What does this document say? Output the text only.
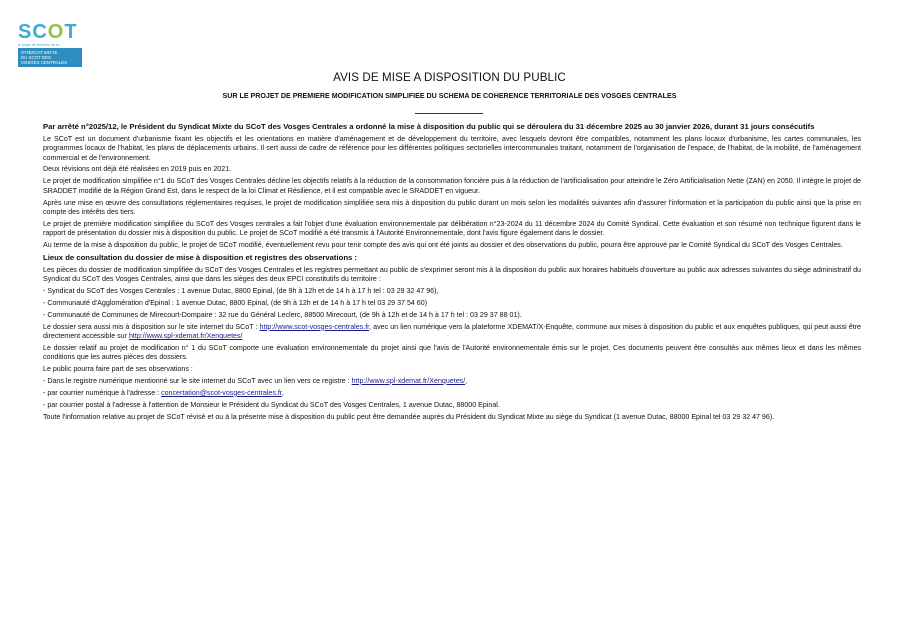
SCOT
le projet de territoire de la...
SYNDICAT MIXTE
DU SCOT DES
VOSGES CENTRALES
AVIS DE MISE A DISPOSITION DU PUBLIC
SUR LE PROJET DE PREMIERE MODIFICATION SIMPLIFIEE DU SCHEMA DE COHERENCE TERRITORIALE DES VOSGES CENTRALES

Par arrêté n°2025/12, le Président du Syndicat Mixte du SCoT des Vosges Centrales a ordonné la mise à disposition du public qui se déroulera du 31 décembre 2025 au 30 janvier 2026, durant 31 jours consécutifs

Le SCoT est un document d'urbanisme fixant les objectifs et les orientations en matière d'aménagement et de développement du territoire, avec lesquels devront être compatibles, notamment les plans locaux d'urbanisme, les cartes communales, les programmes locaux de l'habitat, les plans de déplacements urbains. Il sert aussi de cadre de référence pour les différentes politiques sectorielles intercommunales traitant, notamment de l'organisation de l'espace, de l'habitat, de la mobilité, de l'aménagement commercial et de l'environnement.

Deux révisions ont déjà été réalisées en 2019 puis en 2021.

Le projet de modification simplifiée n°1 du SCoT des Vosges Centrales décline les objectifs relatifs à la réduction de la consommation foncière puis à la réduction de l'artificialisation pour atteindre le Zéro Artificialisation Nette (ZAN) en 2050. Il intègre le projet de SRADDET modifié de la Région Grand Est, dans le respect de la loi Climat et Résilience, et il est compatible avec le SRADDET en vigueur.

Après une mise en œuvre des consultations réglementaires requises, le projet de modification simplifiée sera mis à disposition du public durant un mois selon les modalités suivantes afin d'assurer l'information et la participation du public ainsi que la prise en compte des intérêts des tiers.

Le projet de première modification simplifiée du SCoT des Vosges centrales a fait l'objet d'une évaluation environnementale par délibération n°23-2024 du 11 décembre 2024 du Comité Syndical. Cette évaluation et son résumé non technique figurent dans le rapport de présentation du dossier mis à disposition du public. Le projet de SCoT modifié a été transmis à l'Autorité Environnementale, dont l'avis figure également dans le dossier.

Au terme de la mise à disposition du public, le projet de SCoT modifié, éventuellement revu pour tenir compte des avis qui ont été joints au dossier et des observations du public, pourra être approuvé par le Comité Syndical du SCoT des Vosges Centrales.

Lieux de consultation du dossier de mise à disposition et registres des observations :

Les pièces du dossier de modification simplifiée du SCoT des Vosges Centrales et les registres permettant au public de s'exprimer seront mis à la disposition du public aux horaires habituels d'ouverture au public aux adresses suivantes du siège administratif du Syndicat du SCoT des Vosges Centrales, ainsi que dans les sièges des deux EPCI constitutifs du territoire :

- Syndicat du SCoT des Vosges Centrales : 1 avenue Dutac, 8800 Epinal, (de 9h à 12h et de 14 h à 17 h tel : 03 29 32 47 96),

- Communauté d'Agglomération d'Epinal : 1 avenue Dutac, 8800 Epinal, (de 9h à 12h et de 14 h à 17 h tel 03 29 37 54 60)

- Communauté de Communes de Mirecourt-Dompaire : 32 rue du Général Leclerc, 88500 Mirecourt, (de 9h à 12h et de 14 h à 17 h tel : 03 29 37 88 01).

Le dossier sera aussi mis à disposition sur le site internet du SCoT : http://www.scot-vosges-centrales.fr, avec un lien numérique vers la plateforme XDEMAT/X-Enquête, commune aux mises à disposition du public et aux enquêtes publiques, qui peut aussi être directement accessible sur http://www.spl-xdemat.fr/Xenquetes/

Le dossier relatif au projet de modification n° 1 du SCoT comporte une évaluation environnementale du projet ainsi que l'avis de l'Autorité environnementale émis sur le projet. Ces documents peuvent être consultés aux mêmes lieux et dans les mêmes conditions que les autres pièces des dossiers.

Le public pourra faire part de ses observations :

- Dans le registre numérique mentionné sur le site internet du SCoT avec un lien vers ce registre : http://www.spl-xdemat.fr/Xenquetes/,

- par courrier numérique à l'adresse : concertation@scot-vosges-centrales.fr,

- par courrier postal à l'adresse à l'attention de Monsieur le Président du Syndicat du SCoT des Vosges Centrales, 1 avenue Dutac, 88000 Epinal.

Toute l'information relative au projet de SCoT révisé et ou à la présente mise à disposition du public peut être demandée auprès du Président du Syndicat Mixte au siège du Syndicat (1 avenue Dutac, 88000 Epinal tel 03 29 32 47 96).
